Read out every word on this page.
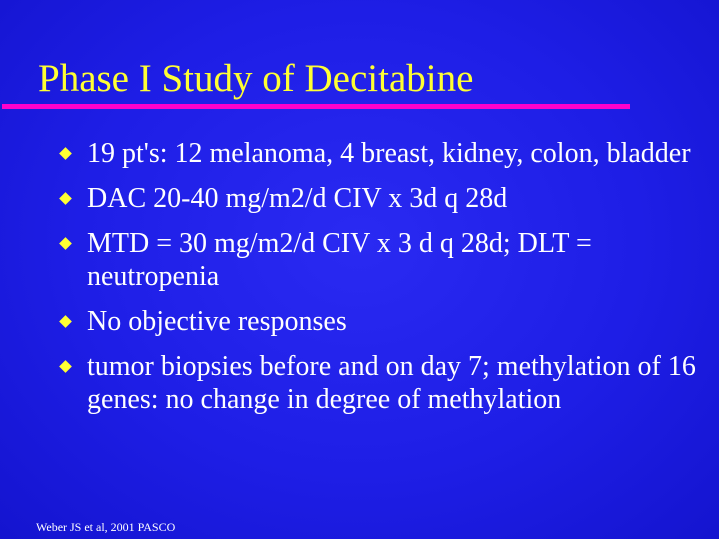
Phase I Study of Decitabine
19 pt's: 12 melanoma, 4 breast, kidney, colon, bladder
DAC 20-40 mg/m2/d CIV x 3d q 28d
MTD = 30 mg/m2/d CIV x 3 d q 28d; DLT = neutropenia
No objective responses
tumor biopsies before and on day 7; methylation of 16 genes: no change in degree of methylation
Weber JS et al, 2001 PASCO
